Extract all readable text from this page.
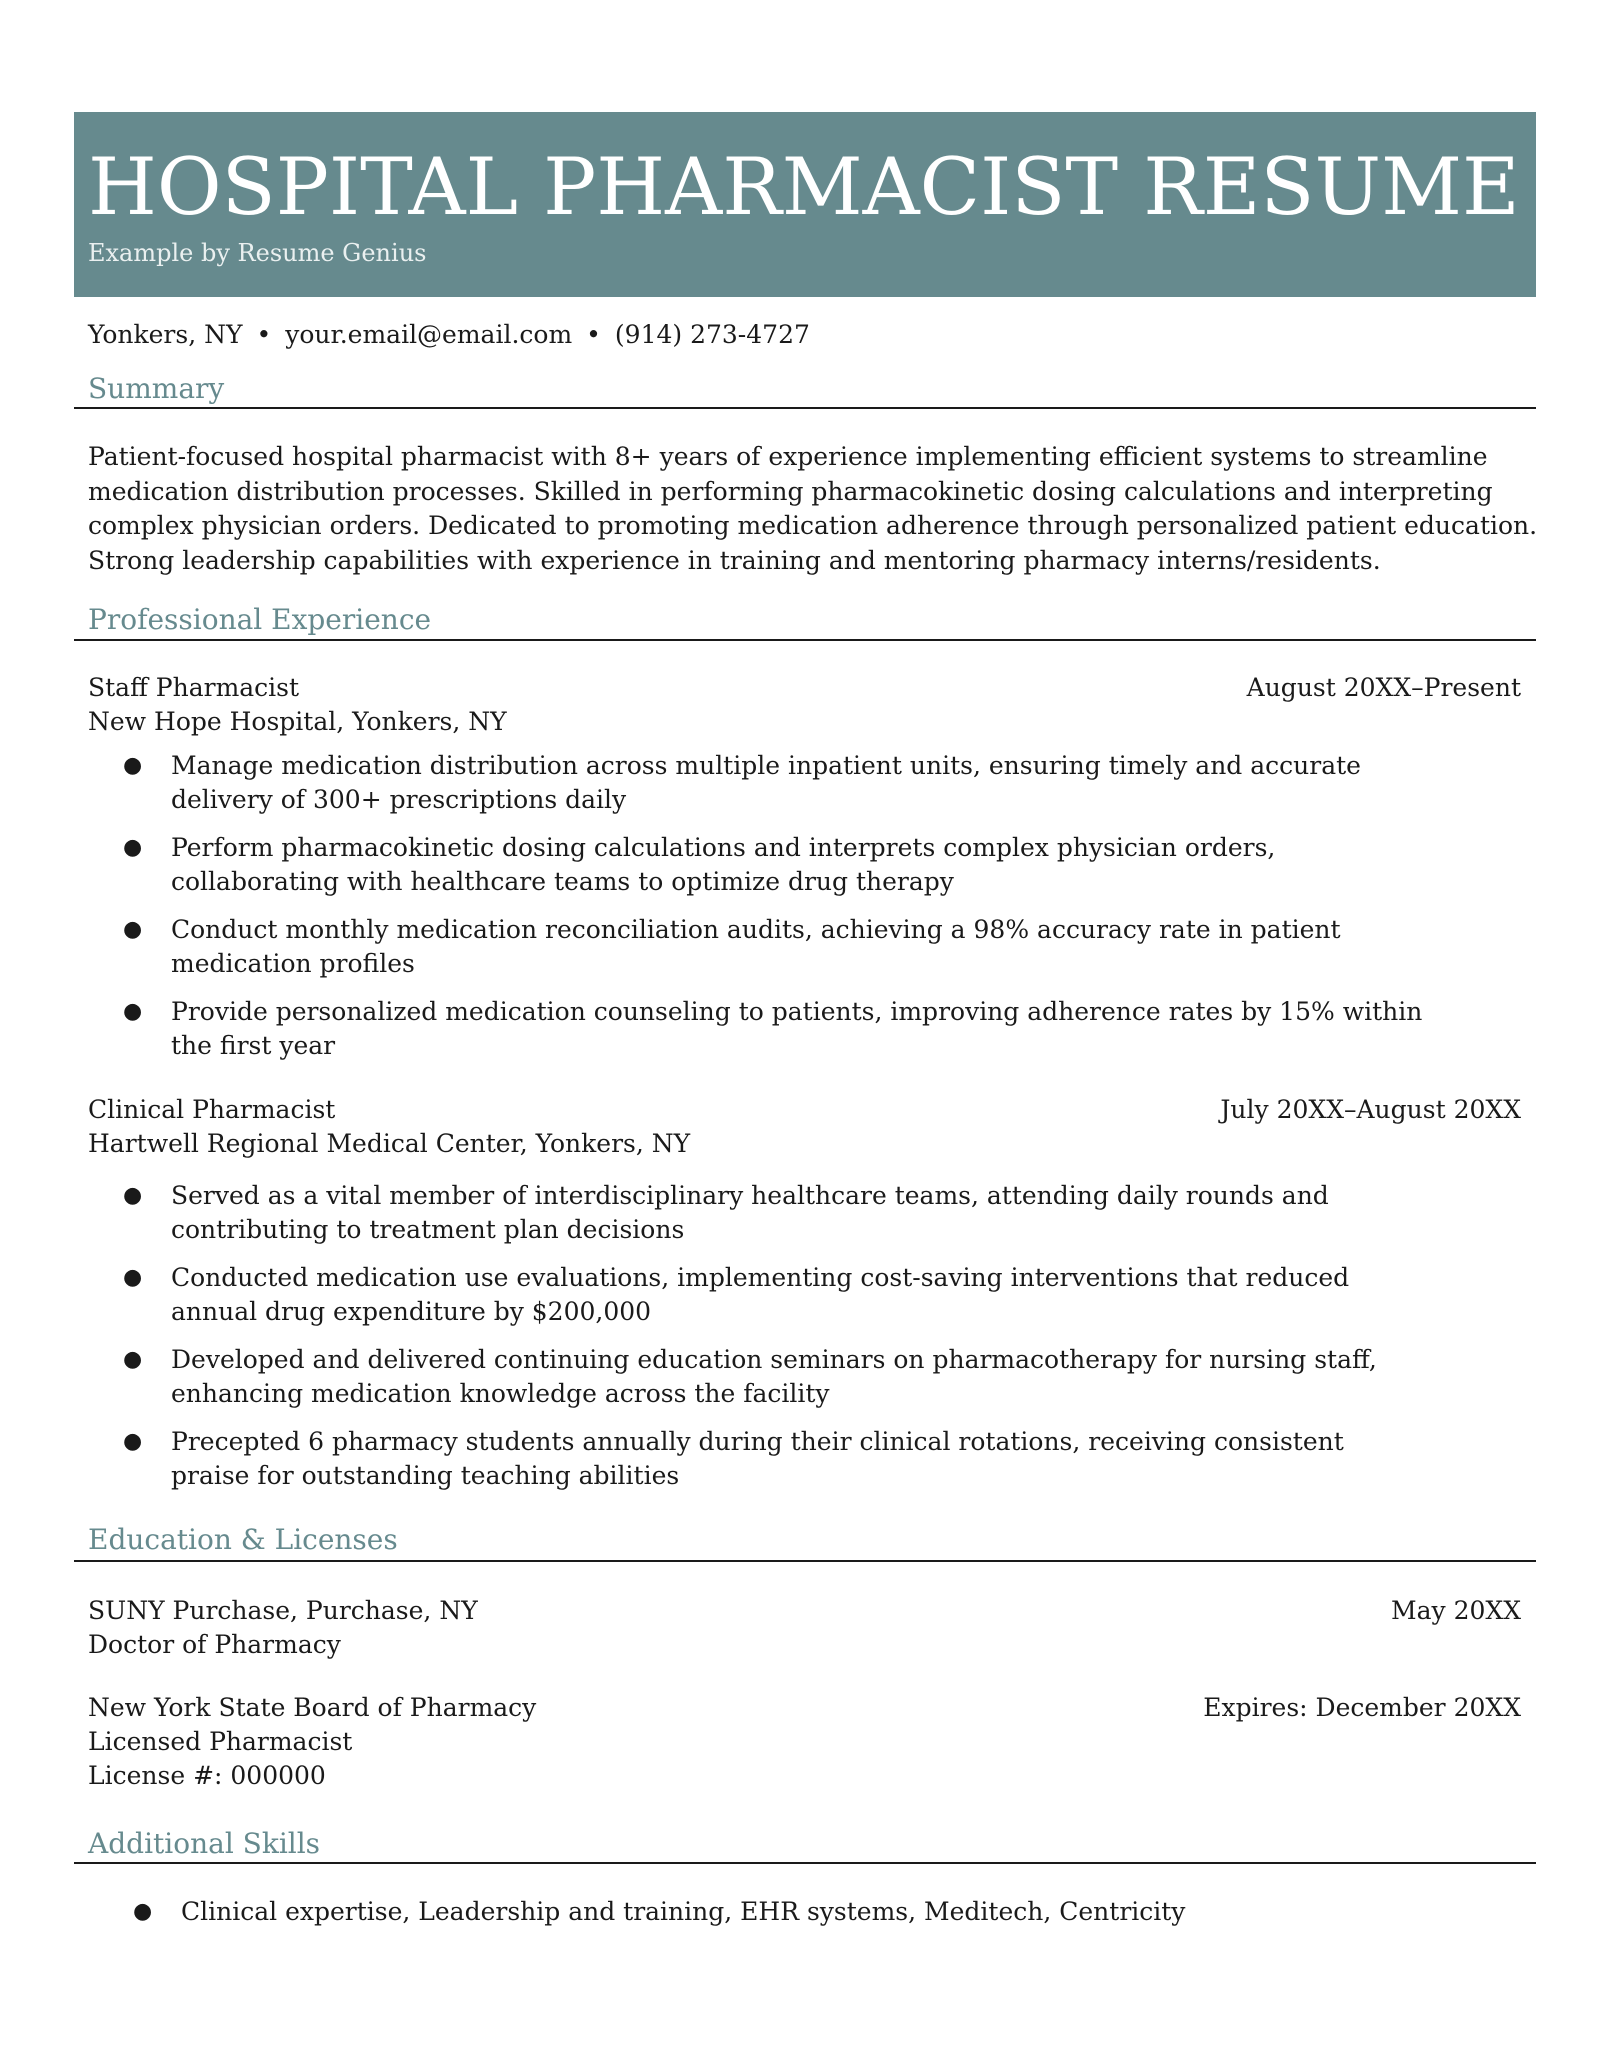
HOSPITAL PHARMACIST RESUME
Example by Resume Genius
Yonkers, NY • your.email@email.com • (914) 273-4727
Summary
Patient-focused hospital pharmacist with 8+ years of experience implementing efficient systems to streamline
medication distribution processes. Skilled in performing pharmacokinetic dosing calculations and interpreting
complex physician orders. Dedicated to promoting medication adherence through personalized patient education.
Strong leadership capabilities with experience in training and mentoring pharmacy interns/residents.
Professional Experience
Staff Pharmacist	August 20XX–Present
New Hope Hospital, Yonkers, NY
● Manage medication distribution across multiple inpatient units, ensuring timely and accurate
delivery of 300+ prescriptions daily
● Perform pharmacokinetic dosing calculations and interprets complex physician orders,
collaborating with healthcare teams to optimize drug therapy
● Conduct monthly medication reconciliation audits, achieving a 98% accuracy rate in patient
medication profiles
● Provide personalized medication counseling to patients, improving adherence rates by 15% within
the first year
Clinical Pharmacist	July 20XX–August 20XX
Hartwell Regional Medical Center, Yonkers, NY
● Served as a vital member of interdisciplinary healthcare teams, attending daily rounds and
contributing to treatment plan decisions
● Conducted medication use evaluations, implementing cost-saving interventions that reduced
annual drug expenditure by $200,000
● Developed and delivered continuing education seminars on pharmacotherapy for nursing staff,
enhancing medication knowledge across the facility
● Precepted 6 pharmacy students annually during their clinical rotations, receiving consistent
praise for outstanding teaching abilities
Education & Licenses
SUNY Purchase, Purchase, NY	May 20XX
Doctor of Pharmacy
New York State Board of Pharmacy	Expires: December 20XX
Licensed Pharmacist
License #: 000000
Additional Skills
● Clinical expertise, Leadership and training, EHR systems, Meditech, Centricity
